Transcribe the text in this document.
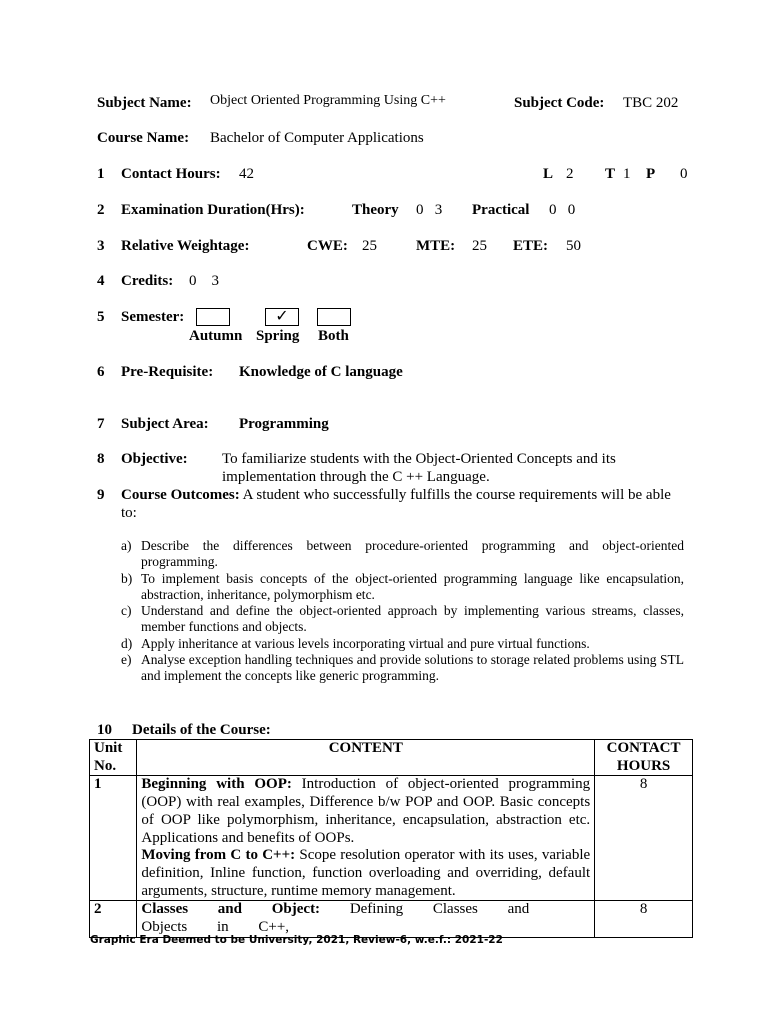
Subject Name: Object Oriented Programming Using C++	Subject Code: TBC 202
Course Name: Bachelor of Computer Applications
1 Contact Hours: 42	L 2 T 1 P 0
2 Examination Duration(Hrs):	Theory 0   3 Practical 0   0
3 Relative Weightage:	CWE: 25	MTE: 25 ETE: 50
4 Credits: 0    3
5 Semester:	✓
Autumn Spring Both
6 Pre-Requisite: Knowledge of C language
7 Subject Area: Programming
8 Objective: To familiarize students with the Object-Oriented Concepts and its
implementation through the C ++ Language.
9 Course Outcomes: A student who successfully fulfills the course requirements will be able
to:
a) Describe the differences between procedure-oriented programming and object-oriented programming.
b) To implement basis concepts of the object-oriented programming language like encapsulation, abstraction, inheritance, polymorphism etc.
c) Understand and define the object-oriented approach by implementing various streams, classes, member functions and objects.
d) Apply inheritance at various levels incorporating virtual and pure virtual functions.
e) Analyse exception handling techniques and provide solutions to storage related problems using STL and implement the concepts like generic programming.
10 Details of the Course:
Unit No.	CONTENT	CONTACT HOURS
1	Beginning with OOP: Introduction of object-oriented programming (OOP) with real examples, Difference b/w POP and OOP. Basic concepts of OOP like polymorphism, inheritance, encapsulation, abstraction etc. Applications and benefits of OOPs.
Moving from C to C++: Scope resolution operator with its uses, variable definition, Inline function, function overloading and overriding, default arguments, structure, runtime memory management.	8
2	Classes and Object: Defining Classes and Objects in C++,	8
Graphic Era Deemed to be University, 2021, Review-6, w.e.f.: 2021-22
